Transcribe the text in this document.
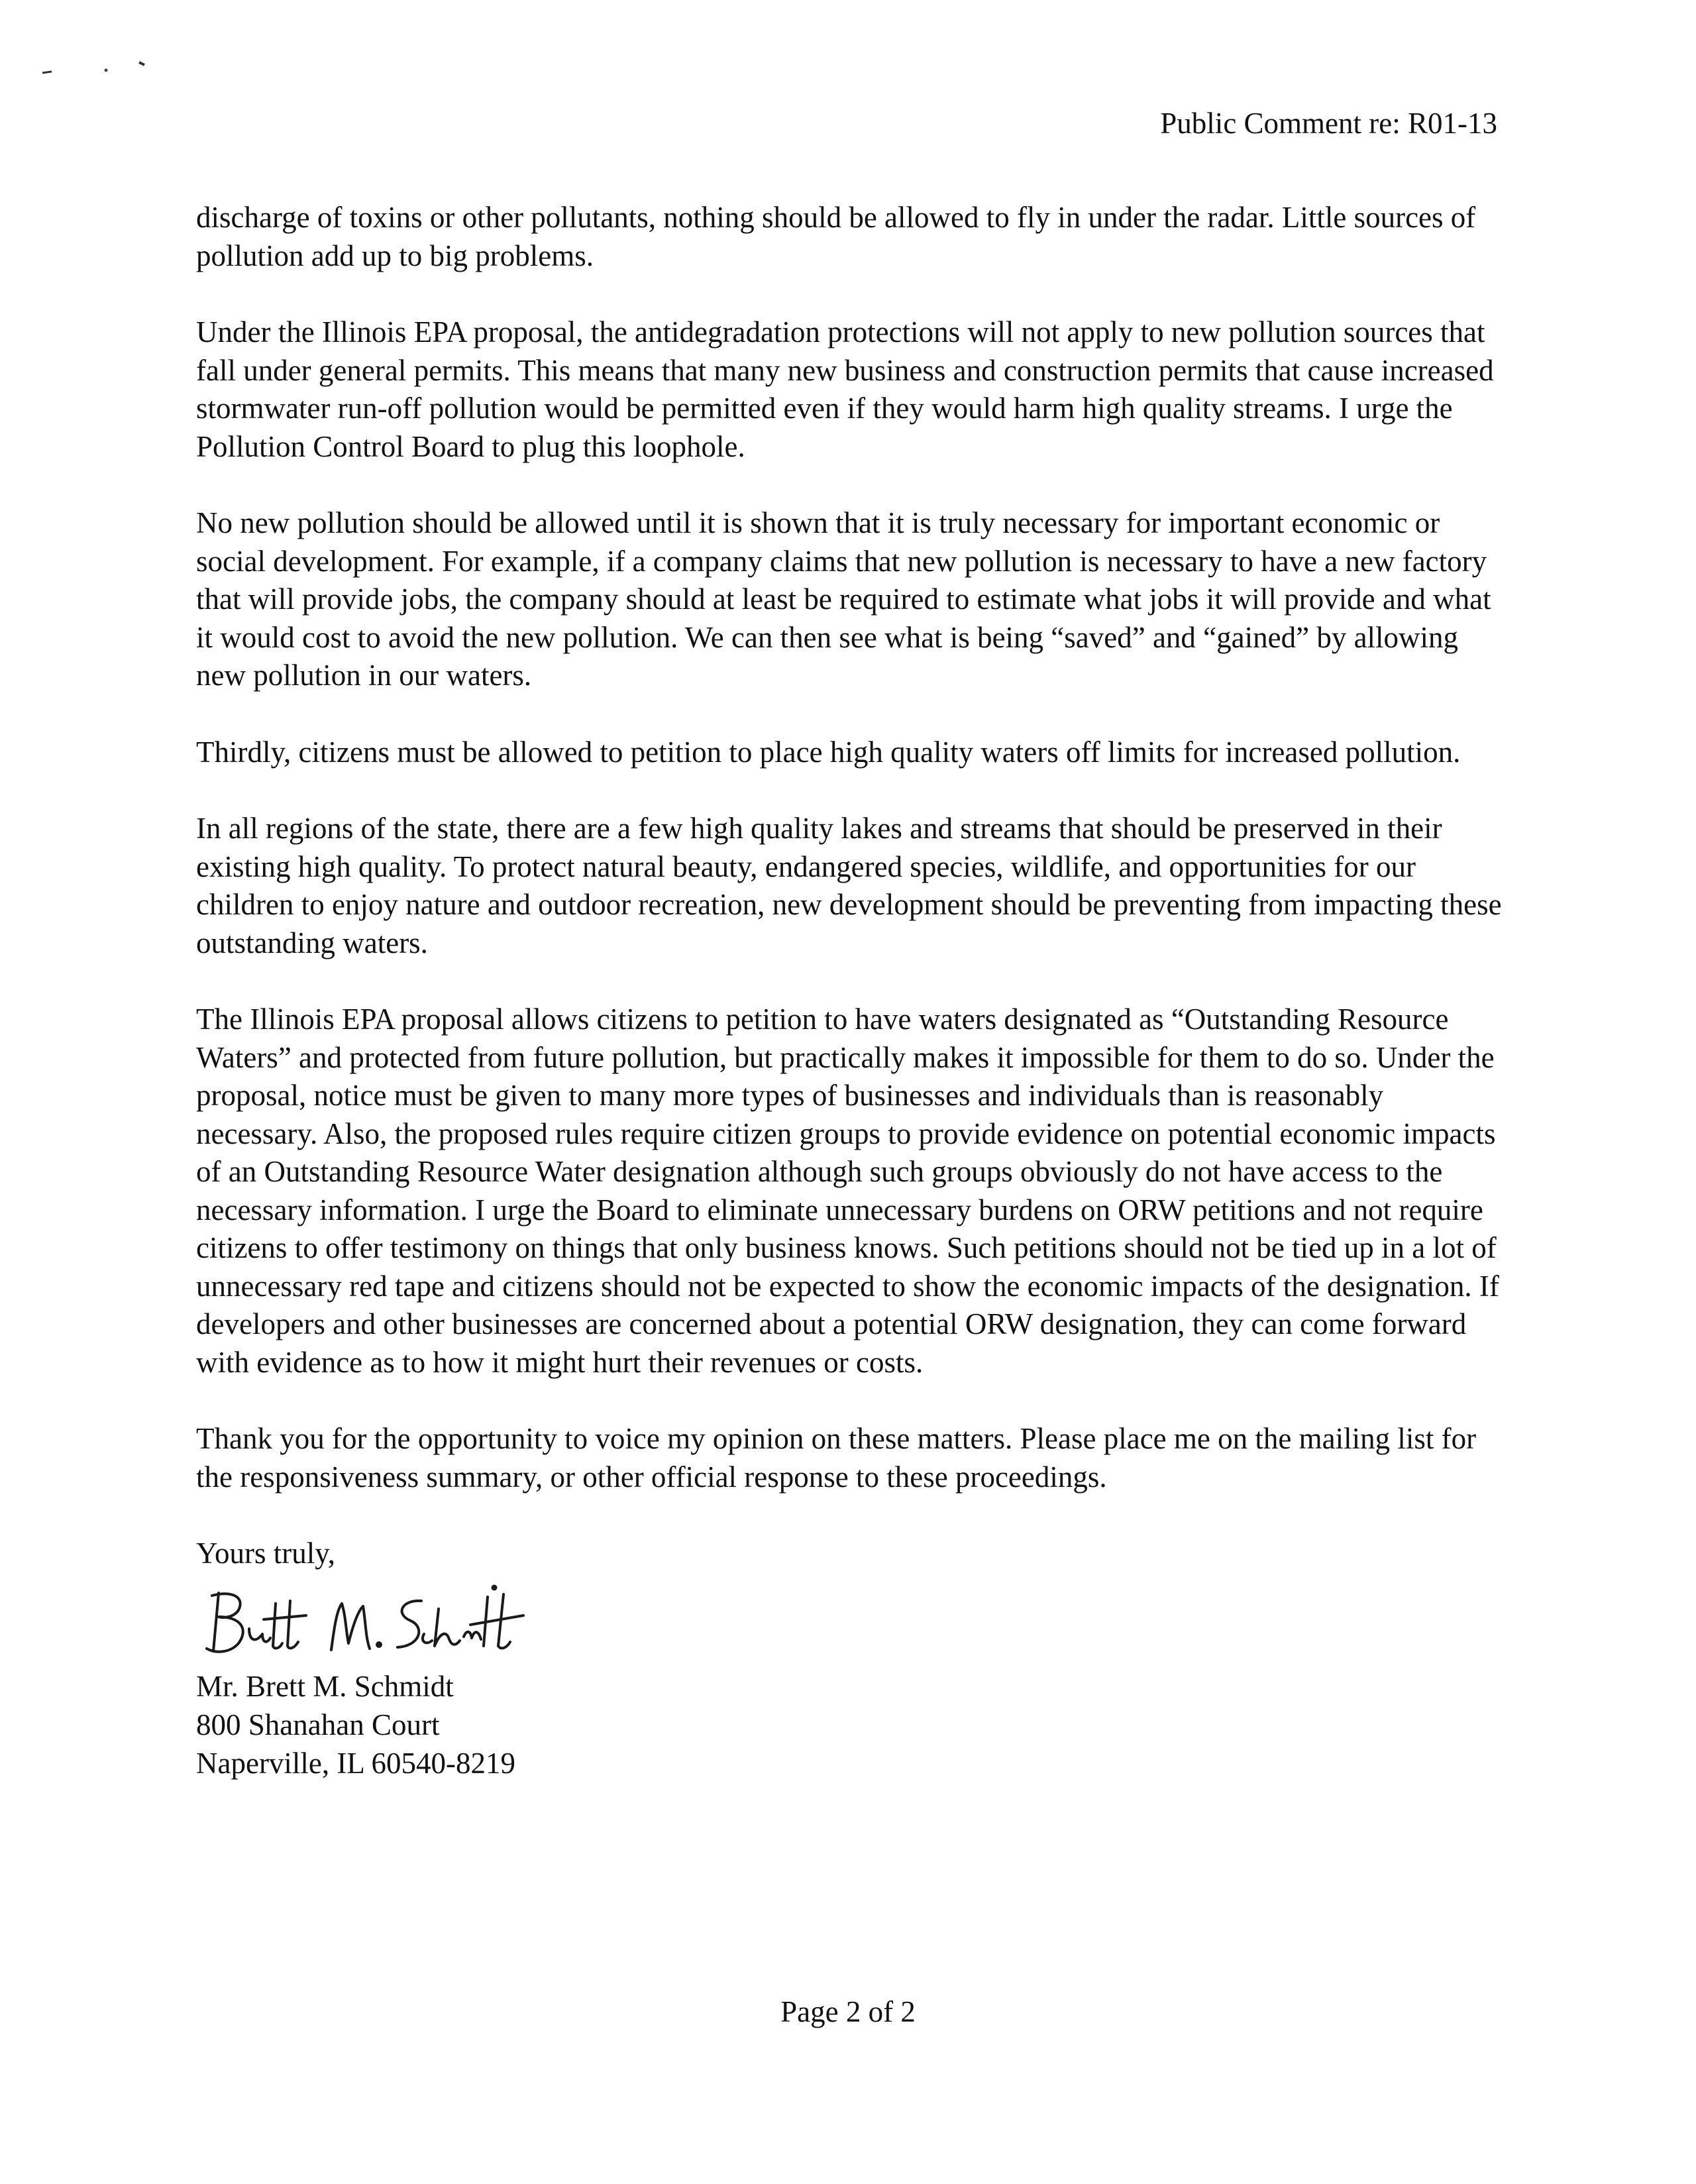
Public Comment re: R01-13

discharge of toxins or other pollutants, nothing should be allowed to fly in under the radar. Little sources of pollution add up to big problems.

Under the Illinois EPA proposal, the antidegradation protections will not apply to new pollution sources that fall under general permits. This means that many new business and construction permits that cause increased stormwater run-off pollution would be permitted even if they would harm high quality streams. I urge the Pollution Control Board to plug this loophole.

No new pollution should be allowed until it is shown that it is truly necessary for important economic or social development. For example, if a company claims that new pollution is necessary to have a new factory that will provide jobs, the company should at least be required to estimate what jobs it will provide and what it would cost to avoid the new pollution. We can then see what is being “saved” and “gained” by allowing new pollution in our waters.

Thirdly, citizens must be allowed to petition to place high quality waters off limits for increased pollution.

In all regions of the state, there are a few high quality lakes and streams that should be preserved in their existing high quality. To protect natural beauty, endangered species, wildlife, and opportunities for our children to enjoy nature and outdoor recreation, new development should be preventing from impacting these outstanding waters.

The Illinois EPA proposal allows citizens to petition to have waters designated as “Outstanding Resource Waters” and protected from future pollution, but practically makes it impossible for them to do so. Under the proposal, notice must be given to many more types of businesses and individuals than is reasonably necessary. Also, the proposed rules require citizen groups to provide evidence on potential economic impacts of an Outstanding Resource Water designation although such groups obviously do not have access to the necessary information. I urge the Board to eliminate unnecessary burdens on ORW petitions and not require citizens to offer testimony on things that only business knows. Such petitions should not be tied up in a lot of unnecessary red tape and citizens should not be expected to show the economic impacts of the designation. If developers and other businesses are concerned about a potential ORW designation, they can come forward with evidence as to how it might hurt their revenues or costs.

Thank you for the opportunity to voice my opinion on these matters. Please place me on the mailing list for the responsiveness summary, or other official response to these proceedings.

Yours truly,

Mr. Brett M. Schmidt
800 Shanahan Court
Naperville, IL 60540-8219
Page 2 of 2
